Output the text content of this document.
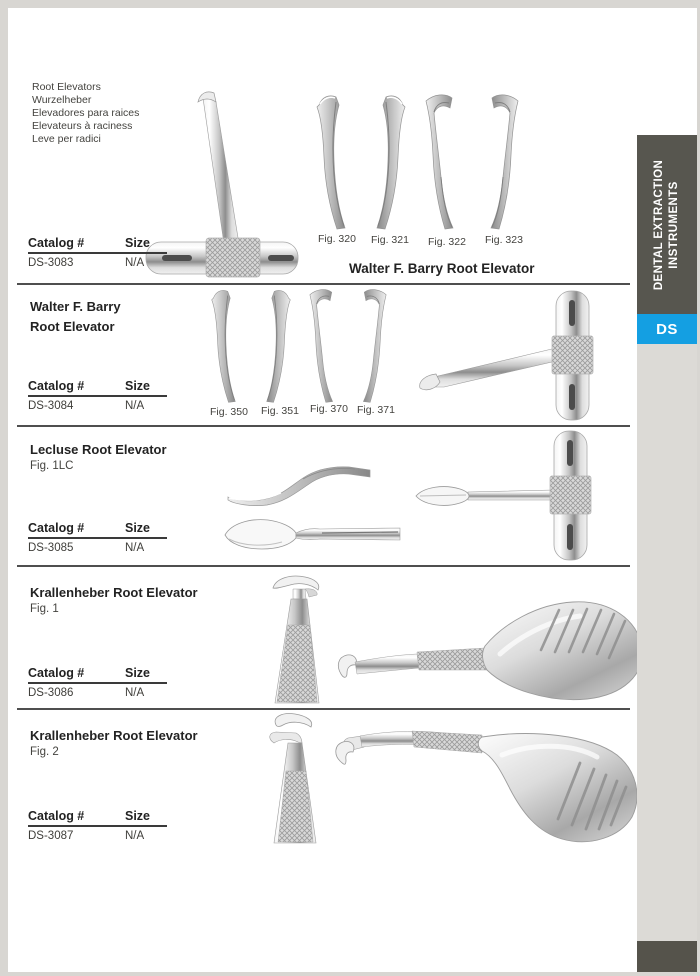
Root Elevators
Wurzelheber
Elevadores para raices
Elevateurs à raciness
Leve per radici
Fig. 320 Fig. 321 Fig. 322 Fig. 323
Walter F. Barry Root Elevator
Catalog #
DS-3083
Size
N/A
Walter F. Barry
Root Elevator
Fig. 350 Fig. 351 Fig. 370 Fig. 371
Catalog #
DS-3084
Size
N/A
Lecluse Root Elevator
Fig. 1LC
Catalog #
DS-3085
Size
N/A
Krallenheber Root Elevator
Fig. 1
Catalog #
DS-3086
Size
N/A
Krallenheber Root Elevator
Fig. 2
Catalog #
DS-3087
Size
N/A
DENTAL EXTRACTION INSTRUMENTS
DS
